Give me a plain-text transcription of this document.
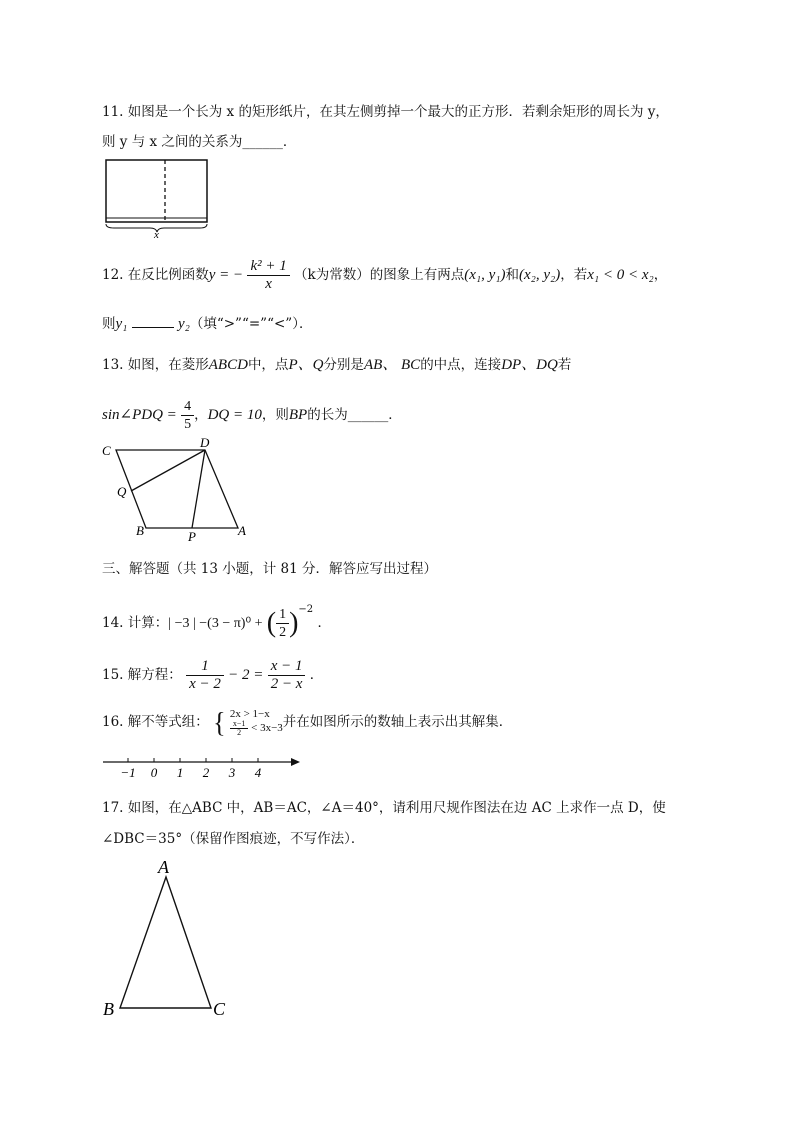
11. 如图是一个长为 x 的矩形纸片，在其左侧剪掉一个最大的正方形．若剩余矩形的周长为 y，
则 y 与 x 之间的关系为______．
x
12. 在反比例函数y = − $\frac{\text{k² + 1}}{x} (k$为常数）的图象上有两点(x₁, y₁)和(x₂, y₂)，若x₁ < 0 < x₂，
则y₁	y₂（填“>”“=”“<”）．
13. 如图，在菱形ABCD中，点P、Q分别是AB、 BC的中点，连接DP、DQ若
sin∠PDQ = $\frac{4}{5}$ ，DQ = 10，则BP的长为______．
C
D
Q
B	P	A
三、解答题（共 13 小题，计 81 分．解答应写出过程）
14. 计算：| −3 | −(3 − π)⁰ + ( $\frac{1}{2} )^{-2}$ ．
15. 解方程： $\frac{1}{x - 2} - 2 = \frac{x - 1}{2 - x}$ ．
16. 解不等式组： { 2x > 1−x
$\frac{x-1}{2} < 3x-3$ 并在如图所示的数轴上表示出其解集．
−1 0 1 2 3 4
17. 如图，在△ABC 中，AB＝AC，∠A＝40°，请利用尺规作图法在边 AC 上求作一点 D，使
∠DBC＝35°（保留作图痕迹，不写作法）．
A
B	C
